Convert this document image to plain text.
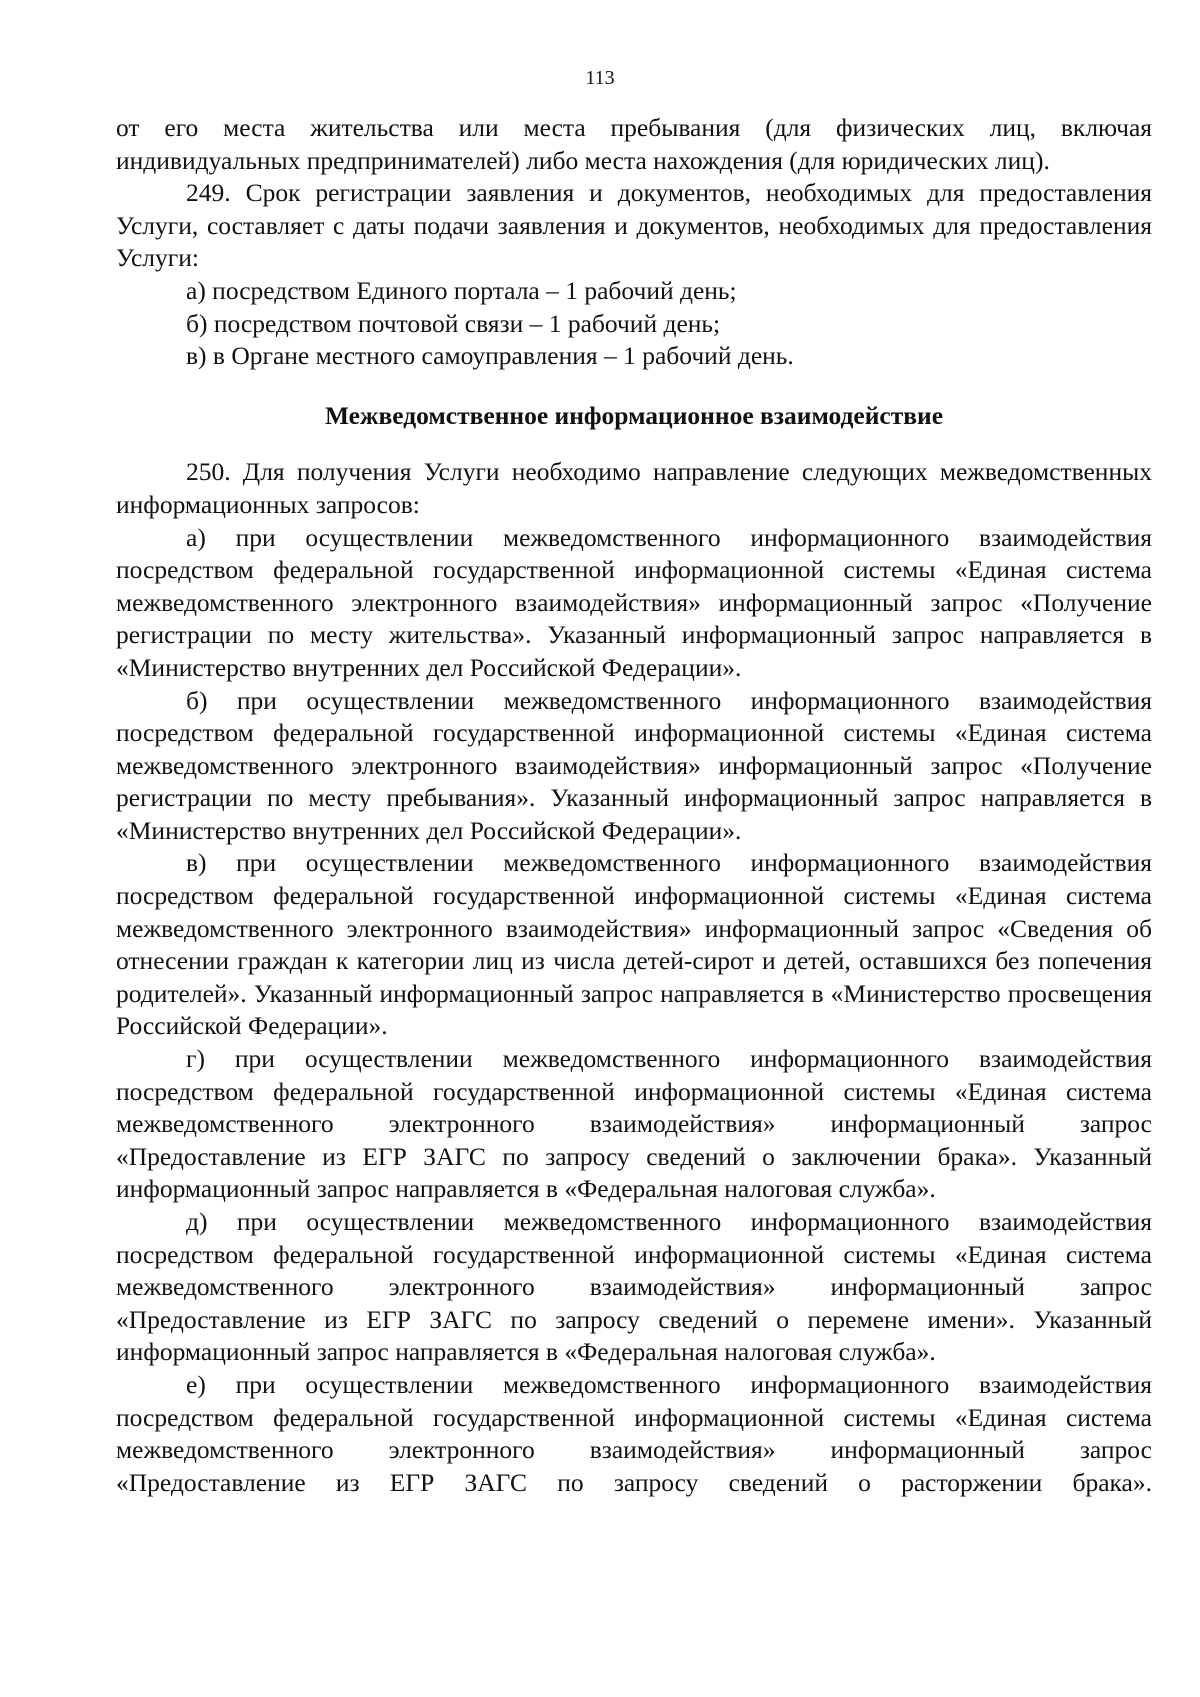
113

от его места жительства или места пребывания (для физических лиц, включая индивидуальных предпринимателей) либо места нахождения (для юридических лиц).

249. Срок регистрации заявления и документов, необходимых для предоставления Услуги, составляет с даты подачи заявления и документов, необходимых для предоставления Услуги:

а) посредством Единого портала – 1 рабочий день;

б) посредством почтовой связи – 1 рабочий день;

в) в Органе местного самоуправления – 1 рабочий день.

Межведомственное информационное взаимодействие

250. Для получения Услуги необходимо направление следующих межведомственных информационных запросов:

а) при осуществлении межведомственного информационного взаимодействия посредством федеральной государственной информационной системы «Единая система межведомственного электронного взаимодействия» информационный запрос «Получение регистрации по месту жительства». Указанный информационный запрос направляется в «Министерство внутренних дел Российской Федерации».

б) при осуществлении межведомственного информационного взаимодействия посредством федеральной государственной информационной системы «Единая система межведомственного электронного взаимодействия» информационный запрос «Получение регистрации по месту пребывания». Указанный информационный запрос направляется в «Министерство внутренних дел Российской Федерации».

в) при осуществлении межведомственного информационного взаимодействия посредством федеральной государственной информационной системы «Единая система межведомственного электронного взаимодействия» информационный запрос «Сведения об отнесении граждан к категории лиц из числа детей-сирот и детей, оставшихся без попечения родителей». Указанный информационный запрос направляется в «Министерство просвещения Российской Федерации».

г) при осуществлении межведомственного информационного взаимодействия посредством федеральной государственной информационной системы «Единая система межведомственного электронного взаимодействия» информационный запрос «Предоставление из ЕГР ЗАГС по запросу сведений о заключении брака». Указанный информационный запрос направляется в «Федеральная налоговая служба».

д) при осуществлении межведомственного информационного взаимодействия посредством федеральной государственной информационной системы «Единая система межведомственного электронного взаимодействия» информационный запрос «Предоставление из ЕГР ЗАГС по запросу сведений о перемене имени». Указанный информационный запрос направляется в «Федеральная налоговая служба».

е) при осуществлении межведомственного информационного взаимодействия посредством федеральной государственной информационной системы «Единая система межведомственного электронного взаимодействия» информационный запрос «Предоставление из ЕГР ЗАГС по запросу сведений о расторжении брака».
